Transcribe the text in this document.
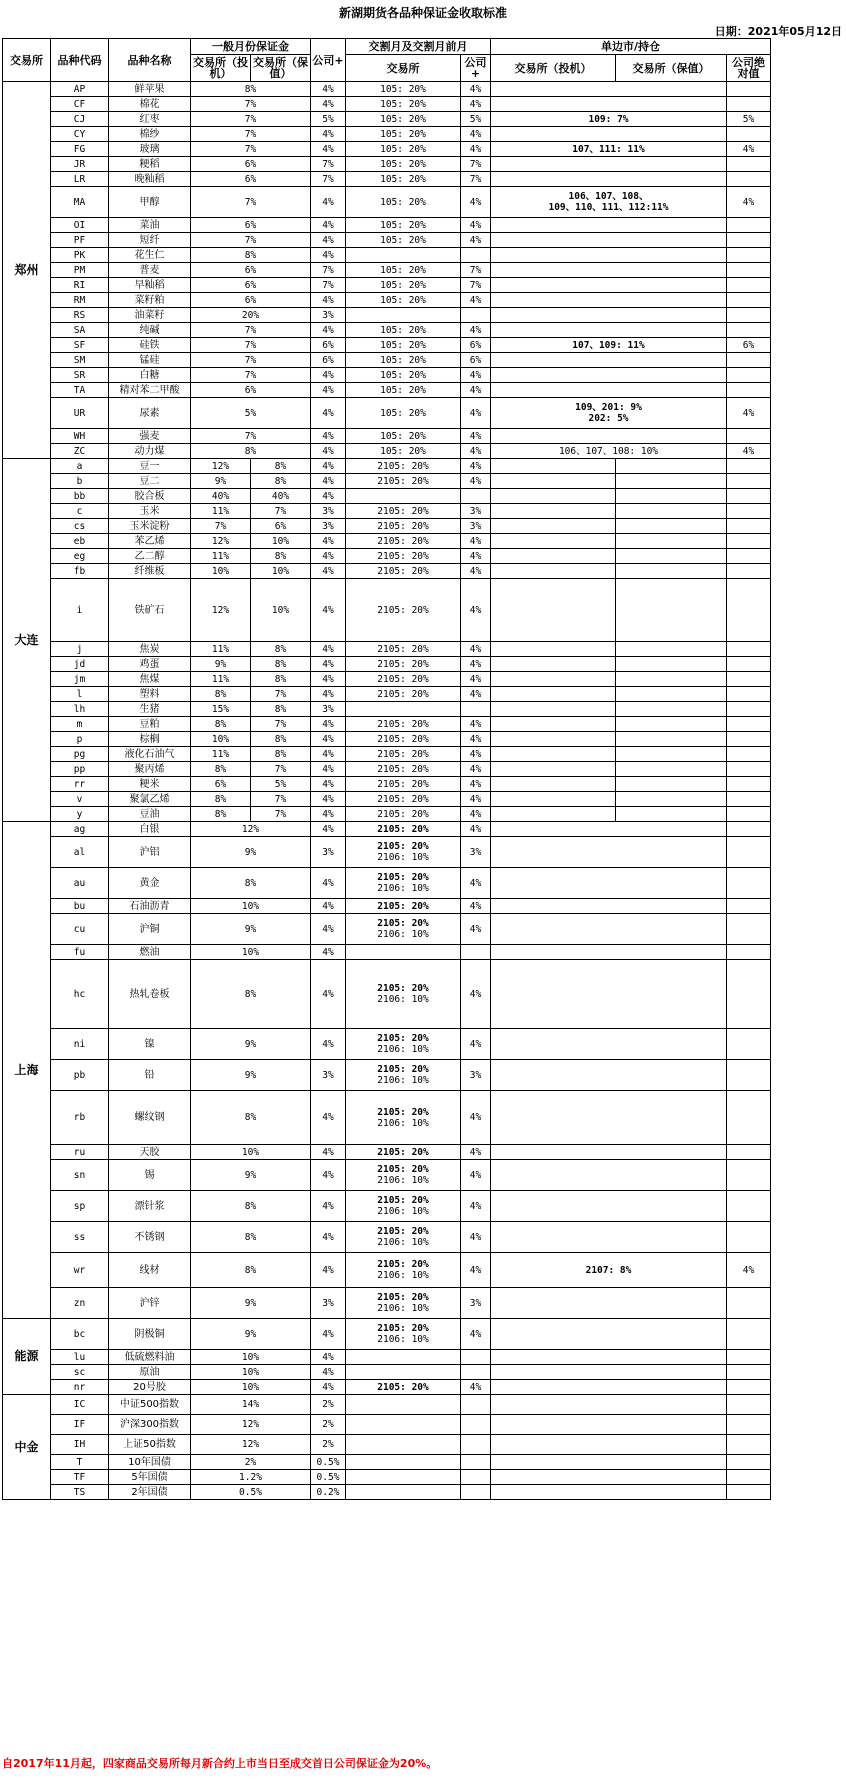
新湖期货各品种保证金收取标准
日期：2021年05月12日
交易所	品种代码	品种名称	一般月份保证金		公司+	交割月及交割月前月		单边市/持仓		
			交易所（投机）	交易所（保值）		交易所	公司+	交易所（投机）	交易所（保值）	公司绝对值
郑州	AP	鲜苹果	8%		4%	105: 20%	4%			
	CF	棉花	7%		4%	105: 20%	4%			
	CJ	红枣	7%		5%	105: 20%	5%	109: 7%		5%
	CY	棉纱	7%		4%	105: 20%	4%			
	FG	玻璃	7%		4%	105: 20%	4%	107、111: 11%		4%
	JR	粳稻	6%		7%	105: 20%	7%			
	LR	晚籼稻	6%		7%	105: 20%	7%			
	MA	甲醇	7%		4%	105: 20%	4%	106、107、108、
109、110、111、112:11%		4%
	OI	菜油	6%		4%	105: 20%	4%			
	PF	短纤	7%		4%	105: 20%	4%			
	PK	花生仁	8%		4%		

	PM	普麦	6%		7%	105: 20%	7%			
	RI	早籼稻	6%		7%	105: 20%	7%			
	RM	菜籽粕	6%		4%	105: 20%	4%			
	RS	油菜籽	20%		3%		

	SA	纯碱	7%		4%	105: 20%	4%			
	SF	硅铁	7%		6%	105: 20%	6%	107、109: 11%		6%
	SM	锰硅	7%		6%	105: 20%	6%			
	SR	白糖	7%		4%	105: 20%	4%			
	TA	精对苯二甲酸	6%		4%	105: 20%	4%			
	UR	尿素	5%		4%	105: 20%	4%	109、201: 9%
202: 5%		4%
	WH	强麦	7%		4%	105: 20%	4%			
	ZC	动力煤	8%		4%	105: 20%	4%	106、107、108: 10%		4%
大连	a	豆一	12%	8%	4%	2105: 20%	4%			
	b	豆二	9%	8%	4%	2105: 20%	4%			
	bb	胶合板	40%	40%	4%	

	c	玉米	11%	7%	3%	2105: 20%	3%			
	cs	玉米淀粉	7%	6%	3%	2105: 20%	3%			
	eb	苯乙烯	12%	10%	4%	2105: 20%	4%			
	eg	乙二醇	11%	8%	4%	2105: 20%	4%			
	fb	纤维板	10%	10%	4%	2105: 20%	4%			
	i	铁矿石	12%	10%	4%	2105: 20%	4%			
	j	焦炭	11%	8%	4%	2105: 20%	4%			
	jd	鸡蛋	9%	8%	4%	2105: 20%	4%			
	jm	焦煤	11%	8%	4%	2105: 20%	4%			
	l	塑料	8%	7%	4%	2105: 20%	4%			
	lh	生猪	15%	8%	3%	

	m	豆粕	8%	7%	4%	2105: 20%	4%			
	p	棕榈	10%	8%	4%	2105: 20%	4%			
	pg	液化石油气	11%	8%	4%	2105: 20%	4%			
	pp	聚丙烯	8%	7%	4%	2105: 20%	4%			
	rr	粳米	6%	5%	4%	2105: 20%	4%			
	v	聚氯乙烯	8%	7%	4%	2105: 20%	4%			
	y	豆油	8%	7%	4%	2105: 20%	4%			
上海	ag	白银	12%		4%	2105: 20%	4%			
	al	沪铝	9%		3%	2105: 20%
2106: 10%	3%			
	au	黄金	8%		4%	2105: 20%
2106: 10%	4%			
	bu	石油沥青	10%		4%	2105: 20%	4%			
	cu	沪铜	9%		4%	2105: 20%
2106: 10%	4%			
	fu	燃油	10%		4%		

	hc	热轧卷板	8%		4%	2105: 20%
2106: 10%	4%			
	ni	镍	9%		4%	2105: 20%
2106: 10%	4%			
	pb	铅	9%		3%	2105: 20%
2106: 10%	3%			
	rb	螺纹钢	8%		4%	2105: 20%
2106: 10%	4%			
	ru	天胶	10%		4%	2105: 20%	4%			
	sn	锡	9%		4%	2105: 20%
2106: 10%	4%			
	sp	漂针浆	8%		4%	2105: 20%
2106: 10%	4%			
	ss	不锈钢	8%		4%	2105: 20%
2106: 10%	4%			
	wr	线材	8%		4%	2105: 20%
2106: 10%	4%	2107: 8%		4%
	zn	沪锌	9%		3%	2105: 20%
2106: 10%	3%			
能源	bc	阴极铜	9%		4%	2105: 20%
2106: 10%	4%			
	lu	低硫燃料油	10%		4%		

	sc	原油	10%		4%		

	nr	20号胶	10%		4%	2105: 20%	4%			
中金	IC	中证500指数	14%		2%					
	IF	沪深300指数	12%		2%					
	IH	上证50指数	12%		2%					
	T	10年国债	2%		0.5%					
	TF	5年国债	1.2%		0.5%					
	TS	2年国债	0.5%		0.2%					
自2017年11月起，四家商品交易所每月新合约上市当日至成交首日公司保证金为20%。
